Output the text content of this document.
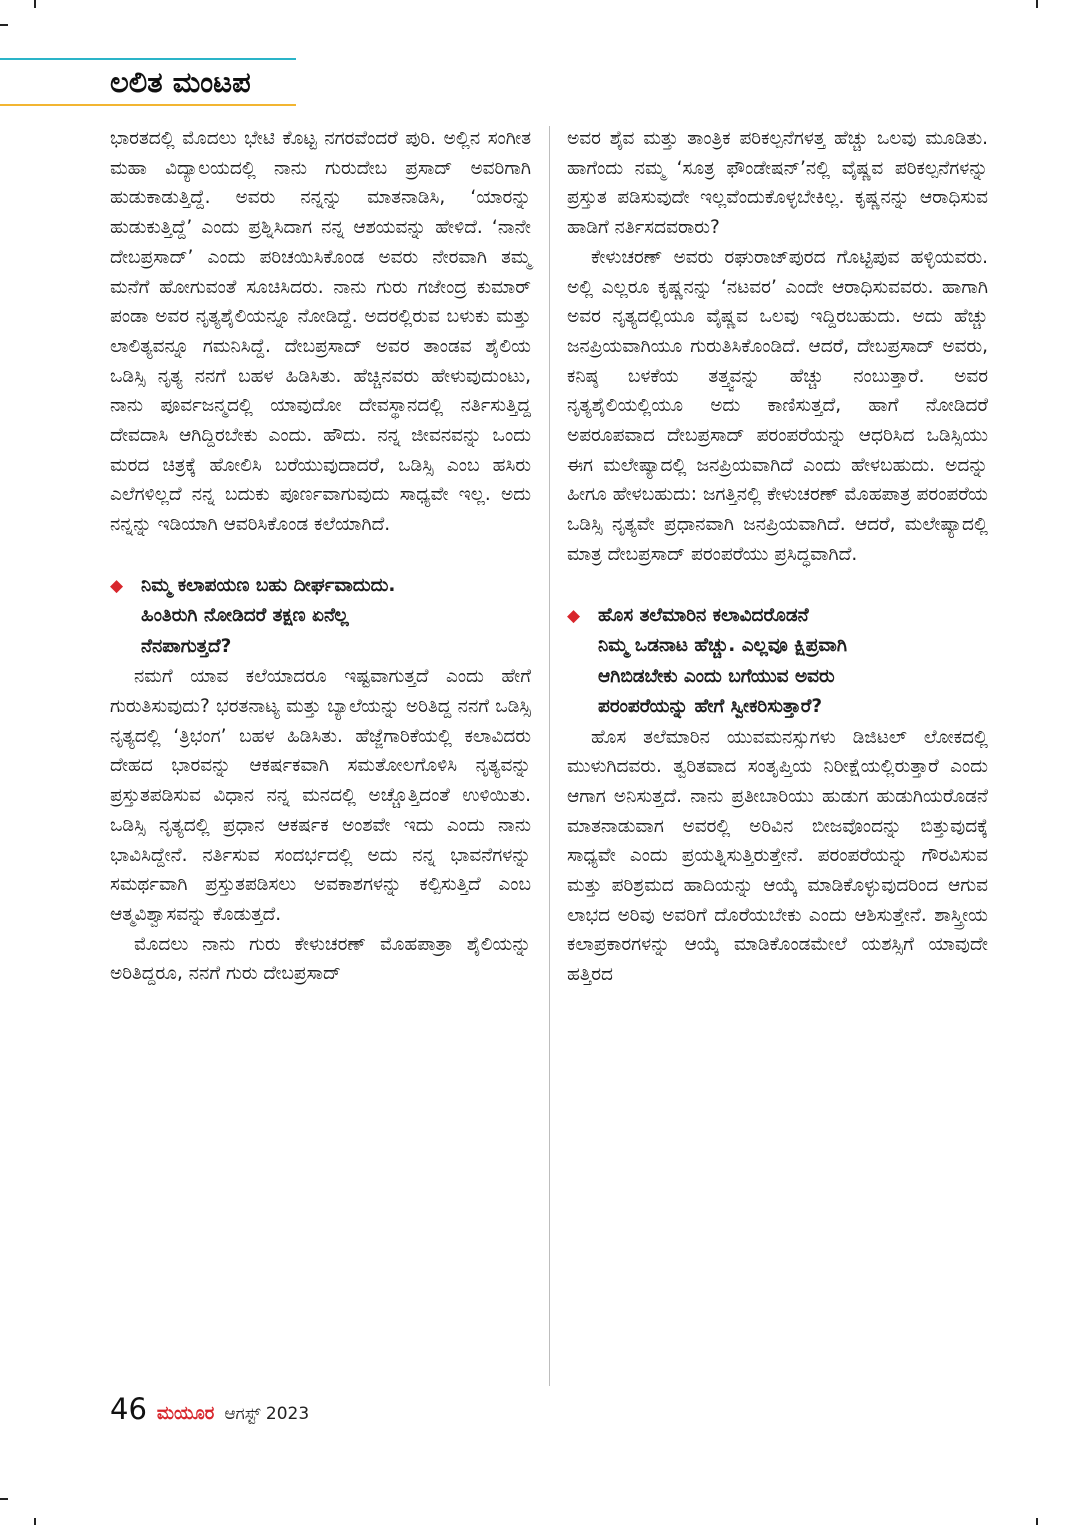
ಲಲಿತ ಮಂಟಪ

ಭಾರತದಲ್ಲಿ ಮೊದಲು ಭೇಟಿ ಕೊಟ್ಟ ನಗರವೆಂದರೆ ಪುರಿ. ಅಲ್ಲಿನ ಸಂಗೀತ ಮಹಾ ವಿದ್ಯಾಲಯದಲ್ಲಿ ನಾನು ಗುರುದೇಬ ಪ್ರಸಾದ್ ಅವರಿಗಾಗಿ ಹುಡುಕಾಡುತ್ತಿದ್ದೆ. ಅವರು ನನ್ನನ್ನು ಮಾತನಾಡಿಸಿ, ‘ಯಾರನ್ನು ಹುಡುಕುತ್ತಿದ್ದೆ’ ಎಂದು ಪ್ರಶ್ನಿಸಿದಾಗ ನನ್ನ ಆಶಯವನ್ನು ಹೇಳಿದೆ. ‘ನಾನೇ ದೇಬಪ್ರಸಾದ್’ ಎಂದು ಪರಿಚಯಿಸಿಕೊಂಡ ಅವರು ನೇರವಾಗಿ ತಮ್ಮ ಮನೆಗೆ ಹೋಗುವಂತೆ ಸೂಚಿಸಿದರು. ನಾನು ಗುರು ಗಜೇಂದ್ರ ಕುಮಾರ್ ಪಂಡಾ ಅವರ ನೃತ್ಯಶೈಲಿಯನ್ನೂ ನೋಡಿದ್ದೆ. ಅದರಲ್ಲಿರುವ ಬಳುಕು ಮತ್ತು ಲಾಲಿತ್ಯವನ್ನೂ ಗಮನಿಸಿದ್ದೆ. ದೇಬಪ್ರಸಾದ್ ಅವರ ತಾಂಡವ ಶೈಲಿಯ ಒಡಿಸ್ಸಿ ನೃತ್ಯ ನನಗೆ ಬಹಳ ಹಿಡಿಸಿತು. ಹೆಚ್ಚಿನವರು ಹೇಳುವುದುಂಟು, ನಾನು ಪೂರ್ವಜನ್ಮದಲ್ಲಿ ಯಾವುದೋ ದೇವಸ್ಥಾನದಲ್ಲಿ ನರ್ತಿಸುತ್ತಿದ್ದ ದೇವದಾಸಿ ಆಗಿದ್ದಿರಬೇಕು ಎಂದು. ಹೌದು. ನನ್ನ ಜೀವನವನ್ನು ಒಂದು ಮರದ ಚಿತ್ರಕ್ಕೆ ಹೋಲಿಸಿ ಬರೆಯುವುದಾದರೆ, ಒಡಿಸ್ಸಿ ಎಂಬ ಹಸಿರು ಎಲೆಗಳಿಲ್ಲದೆ ನನ್ನ ಬದುಕು ಪೂರ್ಣವಾಗುವುದು ಸಾಧ್ಯವೇ ಇಲ್ಲ. ಅದು ನನ್ನನ್ನು ಇಡಿಯಾಗಿ ಆವರಿಸಿಕೊಂಡ ಕಲೆಯಾಗಿದೆ.

◆ ನಿಮ್ಮ ಕಲಾಪಯಣ ಬಹು ದೀರ್ಘವಾದುದು.
ಹಿಂತಿರುಗಿ ನೋಡಿದರೆ ತಕ್ಷಣ ಏನೆಲ್ಲ
ನೆನಪಾಗುತ್ತದೆ?

ನಮಗೆ ಯಾವ ಕಲೆಯಾದರೂ ಇಷ್ಟವಾಗುತ್ತದೆ ಎಂದು ಹೇಗೆ ಗುರುತಿಸುವುದು? ಭರತನಾಟ್ಯ ಮತ್ತು ಬ್ಯಾಲೆಯನ್ನು ಅರಿತಿದ್ದ ನನಗೆ ಒಡಿಸ್ಸಿ ನೃತ್ಯದಲ್ಲಿ ‘ತ್ರಿಭಂಗ’ ಬಹಳ ಹಿಡಿಸಿತು. ಹೆಜ್ಜೆಗಾರಿಕೆಯಲ್ಲಿ ಕಲಾವಿದರು ದೇಹದ ಭಾರವನ್ನು ಆಕರ್ಷಕವಾಗಿ ಸಮತೋಲಗೊಳಿಸಿ ನೃತ್ಯವನ್ನು ಪ್ರಸ್ತುತಪಡಿಸುವ ವಿಧಾನ ನನ್ನ ಮನದಲ್ಲಿ ಅಚ್ಚೊತ್ತಿದಂತೆ ಉಳಿಯಿತು. ಒಡಿಸ್ಸಿ ನೃತ್ಯದಲ್ಲಿ ಪ್ರಧಾನ ಆಕರ್ಷಕ ಅಂಶವೇ ಇದು ಎಂದು ನಾನು ಭಾವಿಸಿದ್ದೇನೆ. ನರ್ತಿಸುವ ಸಂದರ್ಭದಲ್ಲಿ ಅದು ನನ್ನ ಭಾವನೆಗಳನ್ನು ಸಮರ್ಥವಾಗಿ ಪ್ರಸ್ತುತಪಡಿಸಲು ಅವಕಾಶಗಳನ್ನು ಕಲ್ಪಿಸುತ್ತಿದೆ ಎಂಬ ಆತ್ಮವಿಶ್ವಾಸವನ್ನು ಕೊಡುತ್ತದೆ.

ಮೊದಲು ನಾನು ಗುರು ಕೇಳುಚರಣ್ ಮೊಹಪಾತ್ರಾ ಶೈಲಿಯನ್ನು ಅರಿತಿದ್ದರೂ, ನನಗೆ ಗುರು ದೇಬಪ್ರಸಾದ್

ಅವರ ಶೈವ ಮತ್ತು ತಾಂತ್ರಿಕ ಪರಿಕಲ್ಪನೆಗಳತ್ತ ಹೆಚ್ಚು ಒಲವು ಮೂಡಿತು. ಹಾಗೆಂದು ನಮ್ಮ ‘ಸೂತ್ರ ಫೌಂಡೇಷನ್’ನಲ್ಲಿ ವೈಷ್ಣವ ಪರಿಕಲ್ಪನೆಗಳನ್ನು ಪ್ರಸ್ತುತ ಪಡಿಸುವುದೇ ಇಲ್ಲವೆಂದುಕೊಳ್ಳಬೇಕಿಲ್ಲ. ಕೃಷ್ಣನನ್ನು ಆರಾಧಿಸುವ ಹಾಡಿಗೆ ನರ್ತಿಸದವರಾರು?

ಕೇಳುಚರಣ್ ಅವರು ರಘುರಾಜ್‌ಪುರದ ಗೊಟ್ಟಿಪುವ ಹಳ್ಳಿಯವರು. ಅಲ್ಲಿ ಎಲ್ಲರೂ ಕೃಷ್ಣನನ್ನು ‘ನಟವರ’ ಎಂದೇ ಆರಾಧಿಸುವವರು. ಹಾಗಾಗಿ ಅವರ ನೃತ್ಯದಲ್ಲಿಯೂ ವೈಷ್ಣವ ಒಲವು ಇದ್ದಿರಬಹುದು. ಅದು ಹೆಚ್ಚು ಜನಪ್ರಿಯವಾಗಿಯೂ ಗುರುತಿಸಿಕೊಂಡಿದೆ. ಆದರೆ, ದೇಬಪ್ರಸಾದ್ ಅವರು, ಕನಿಷ್ಠ ಬಳಕೆಯ ತತ್ತ್ವವನ್ನು ಹೆಚ್ಚು ನಂಬುತ್ತಾರೆ. ಅವರ ನೃತ್ಯಶೈಲಿಯಲ್ಲಿಯೂ ಅದು ಕಾಣಿಸುತ್ತದೆ, ಹಾಗೆ ನೋಡಿದರೆ ಅಪರೂಪವಾದ ದೇಬಪ್ರಸಾದ್ ಪರಂಪರೆಯನ್ನು ಆಧರಿಸಿದ ಒಡಿಸ್ಸಿಯು ಈಗ ಮಲೇಷ್ಯಾದಲ್ಲಿ ಜನಪ್ರಿಯವಾಗಿದೆ ಎಂದು ಹೇಳಬಹುದು. ಅದನ್ನು ಹೀಗೂ ಹೇಳಬಹುದು: ಜಗತ್ತಿನಲ್ಲಿ ಕೇಳುಚರಣ್ ಮೊಹಪಾತ್ರ ಪರಂಪರೆಯ ಒಡಿಸ್ಸಿ ನೃತ್ಯವೇ ಪ್ರಧಾನವಾಗಿ ಜನಪ್ರಿಯವಾಗಿದೆ. ಆದರೆ, ಮಲೇಷ್ಯಾದಲ್ಲಿ ಮಾತ್ರ ದೇಬಪ್ರಸಾದ್ ಪರಂಪರೆಯು ಪ್ರಸಿದ್ಧವಾಗಿದೆ.

◆ ಹೊಸ ತಲೆಮಾರಿನ ಕಲಾವಿದರೊಡನೆ
ನಿಮ್ಮ ಒಡನಾಟ ಹೆಚ್ಚು. ಎಲ್ಲವೂ ಕ್ಷಿಪ್ರವಾಗಿ
ಆಗಿಬಿಡಬೇಕು ಎಂದು ಬಗೆಯುವ ಅವರು
ಪರಂಪರೆಯನ್ನು ಹೇಗೆ ಸ್ವೀಕರಿಸುತ್ತಾರೆ?

ಹೊಸ ತಲೆಮಾರಿನ ಯುವಮನಸ್ಸುಗಳು ಡಿಜಿಟಲ್ ಲೋಕದಲ್ಲಿ ಮುಳುಗಿದವರು. ತ್ವರಿತವಾದ ಸಂತೃಪ್ತಿಯ ನಿರೀಕ್ಷೆಯಲ್ಲಿರುತ್ತಾರೆ ಎಂದು ಆಗಾಗ ಅನಿಸುತ್ತದೆ. ನಾನು ಪ್ರತೀಬಾರಿಯು ಹುಡುಗ ಹುಡುಗಿಯರೊಡನೆ ಮಾತನಾಡುವಾಗ ಅವರಲ್ಲಿ ಅರಿವಿನ ಬೀಜವೊಂದನ್ನು ಬಿತ್ತುವುದಕ್ಕೆ ಸಾಧ್ಯವೇ ಎಂದು ಪ್ರಯತ್ನಿಸುತ್ತಿರುತ್ತೇನೆ. ಪರಂಪರೆಯನ್ನು ಗೌರವಿಸುವ ಮತ್ತು ಪರಿಶ್ರಮದ ಹಾದಿಯನ್ನು ಆಯ್ಕೆ ಮಾಡಿಕೊಳ್ಳುವುದರಿಂದ ಆಗುವ ಲಾಭದ ಅರಿವು ಅವರಿಗೆ ದೊರೆಯಬೇಕು ಎಂದು ಆಶಿಸುತ್ತೇನೆ. ಶಾಸ್ತ್ರೀಯ ಕಲಾಪ್ರಕಾರಗಳನ್ನು ಆಯ್ಕೆ ಮಾಡಿಕೊಂಡಮೇಲೆ ಯಶಸ್ಸಿಗೆ ಯಾವುದೇ ಹತ್ತಿರದ

46 ಮಯೂರ ಆಗಸ್ಟ್ 2023
